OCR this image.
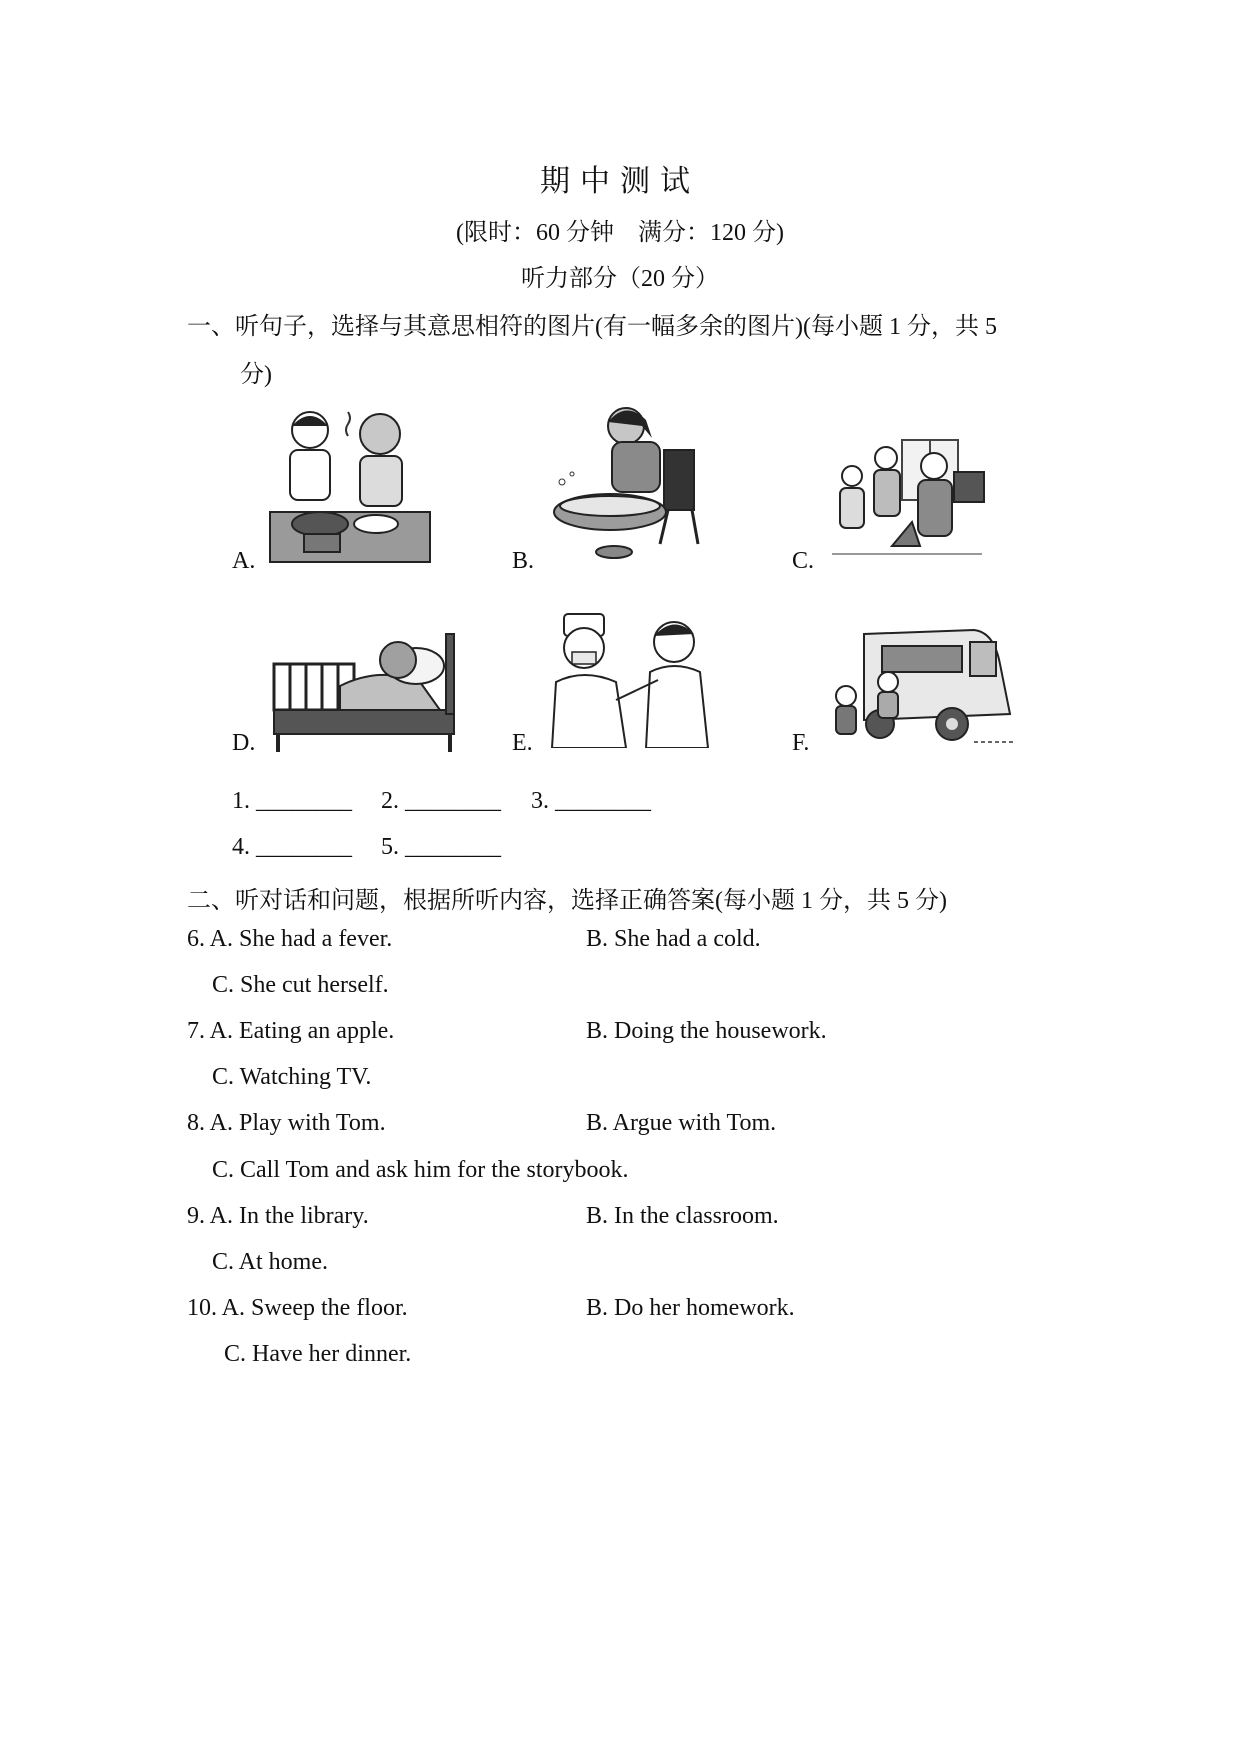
期中测试
(限时：60 分钟　满分：120 分)
听力部分（20 分）
一、听句子，选择与其意思相符的图片(有一幅多余的图片)(每小题 1 分，共 5
分)
A.	B.	C.
D.	E.	F.
1. ________ 2. ________ 3. ________
4. ________ 5. ________
二、听对话和问题，根据所听内容，选择正确答案(每小题 1 分，共 5 分)
6. A. She had a fever.	B. She had a cold.
C. She cut herself.
7. A. Eating an apple.	B. Doing the housework.
C. Watching TV.
8. A. Play with Tom.	B. Argue with Tom.
C. Call Tom and ask him for the storybook.
9. A. In the library.	B. In the classroom.
C. At home.
10. A. Sweep the floor.	B. Do her homework.
C. Have her dinner.
